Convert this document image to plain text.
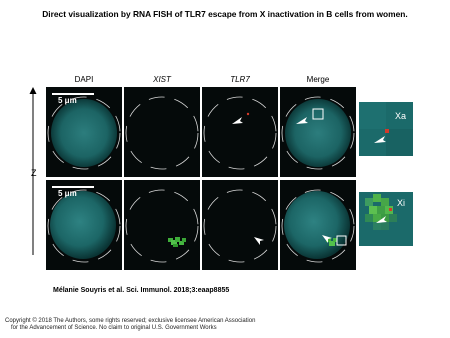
Direct visualization by RNA FISH of TLR7 escape from X inactivation in B cells from women.
DAPI	XIST	TLR7	Merge
Z
5 μm
Xa
5 μm
Xi
Mélanie Souyris et al. Sci. Immunol. 2018;3:eaap8855
Copyright © 2018 The Authors, some rights reserved; exclusive licensee American Association
for the Advancement of Science. No claim to original U.S. Government Works
